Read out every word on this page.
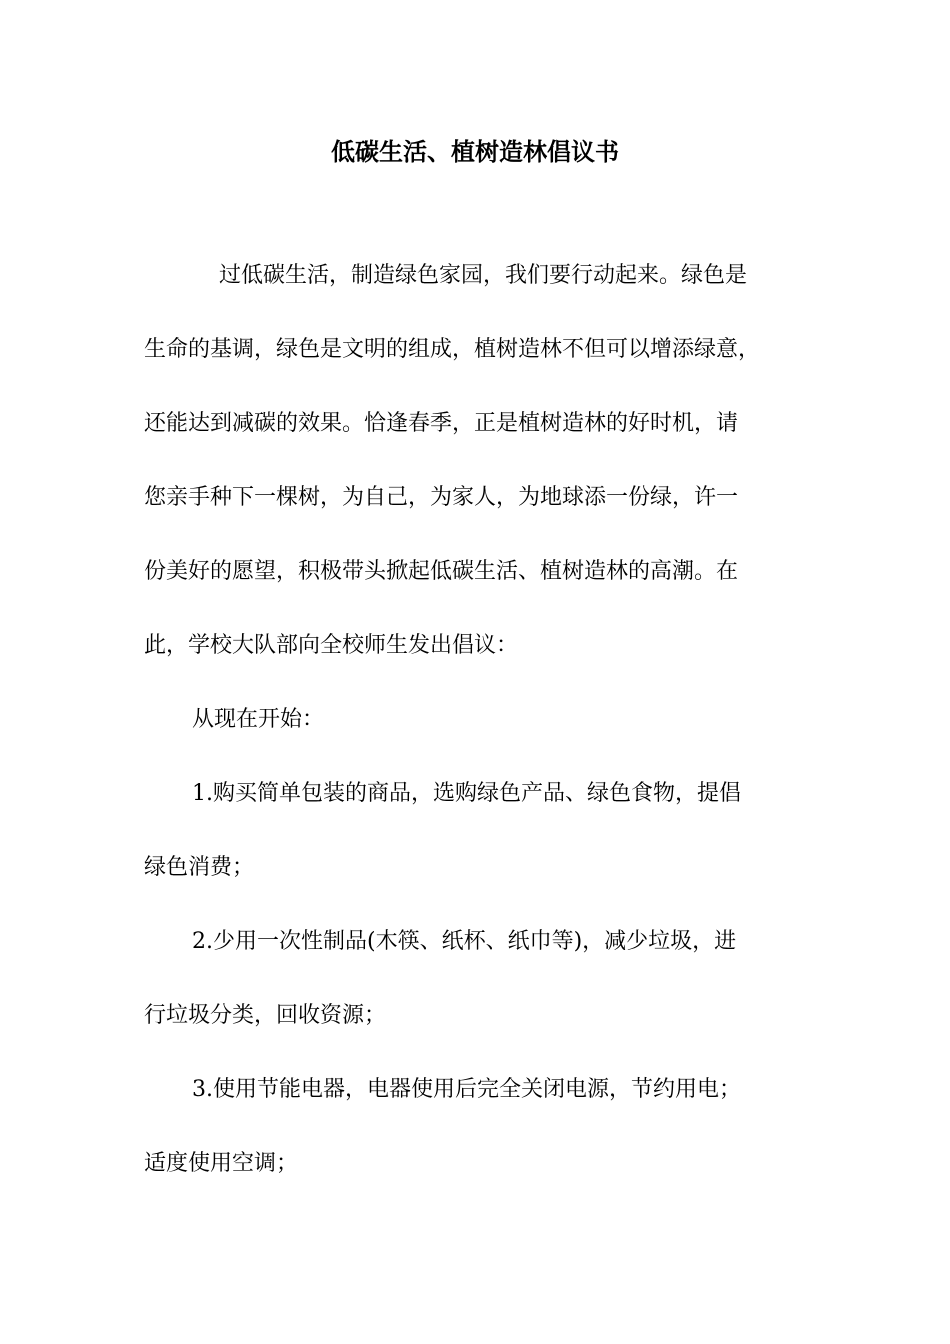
低碳生活、植树造林倡议书
过低碳生活，制造绿色家园，我们要行动起来。绿色是
生命的基调，绿色是文明的组成，植树造林不但可以增添绿意，
还能达到减碳的效果。恰逢春季，正是植树造林的好时机，请
您亲手种下一棵树，为自己，为家人，为地球添一份绿，许一
份美好的愿望，积极带头掀起低碳生活、植树造林的高潮。在
此，学校大队部向全校师生发出倡议：
从现在开始：
1.购买简单包装的商品，选购绿色产品、绿色食物，提倡
绿色消费；
2.少用一次性制品(木筷、纸杯、纸巾等)，减少垃圾，进
行垃圾分类，回收资源；
3.使用节能电器，电器使用后完全关闭电源，节约用电；
适度使用空调；
